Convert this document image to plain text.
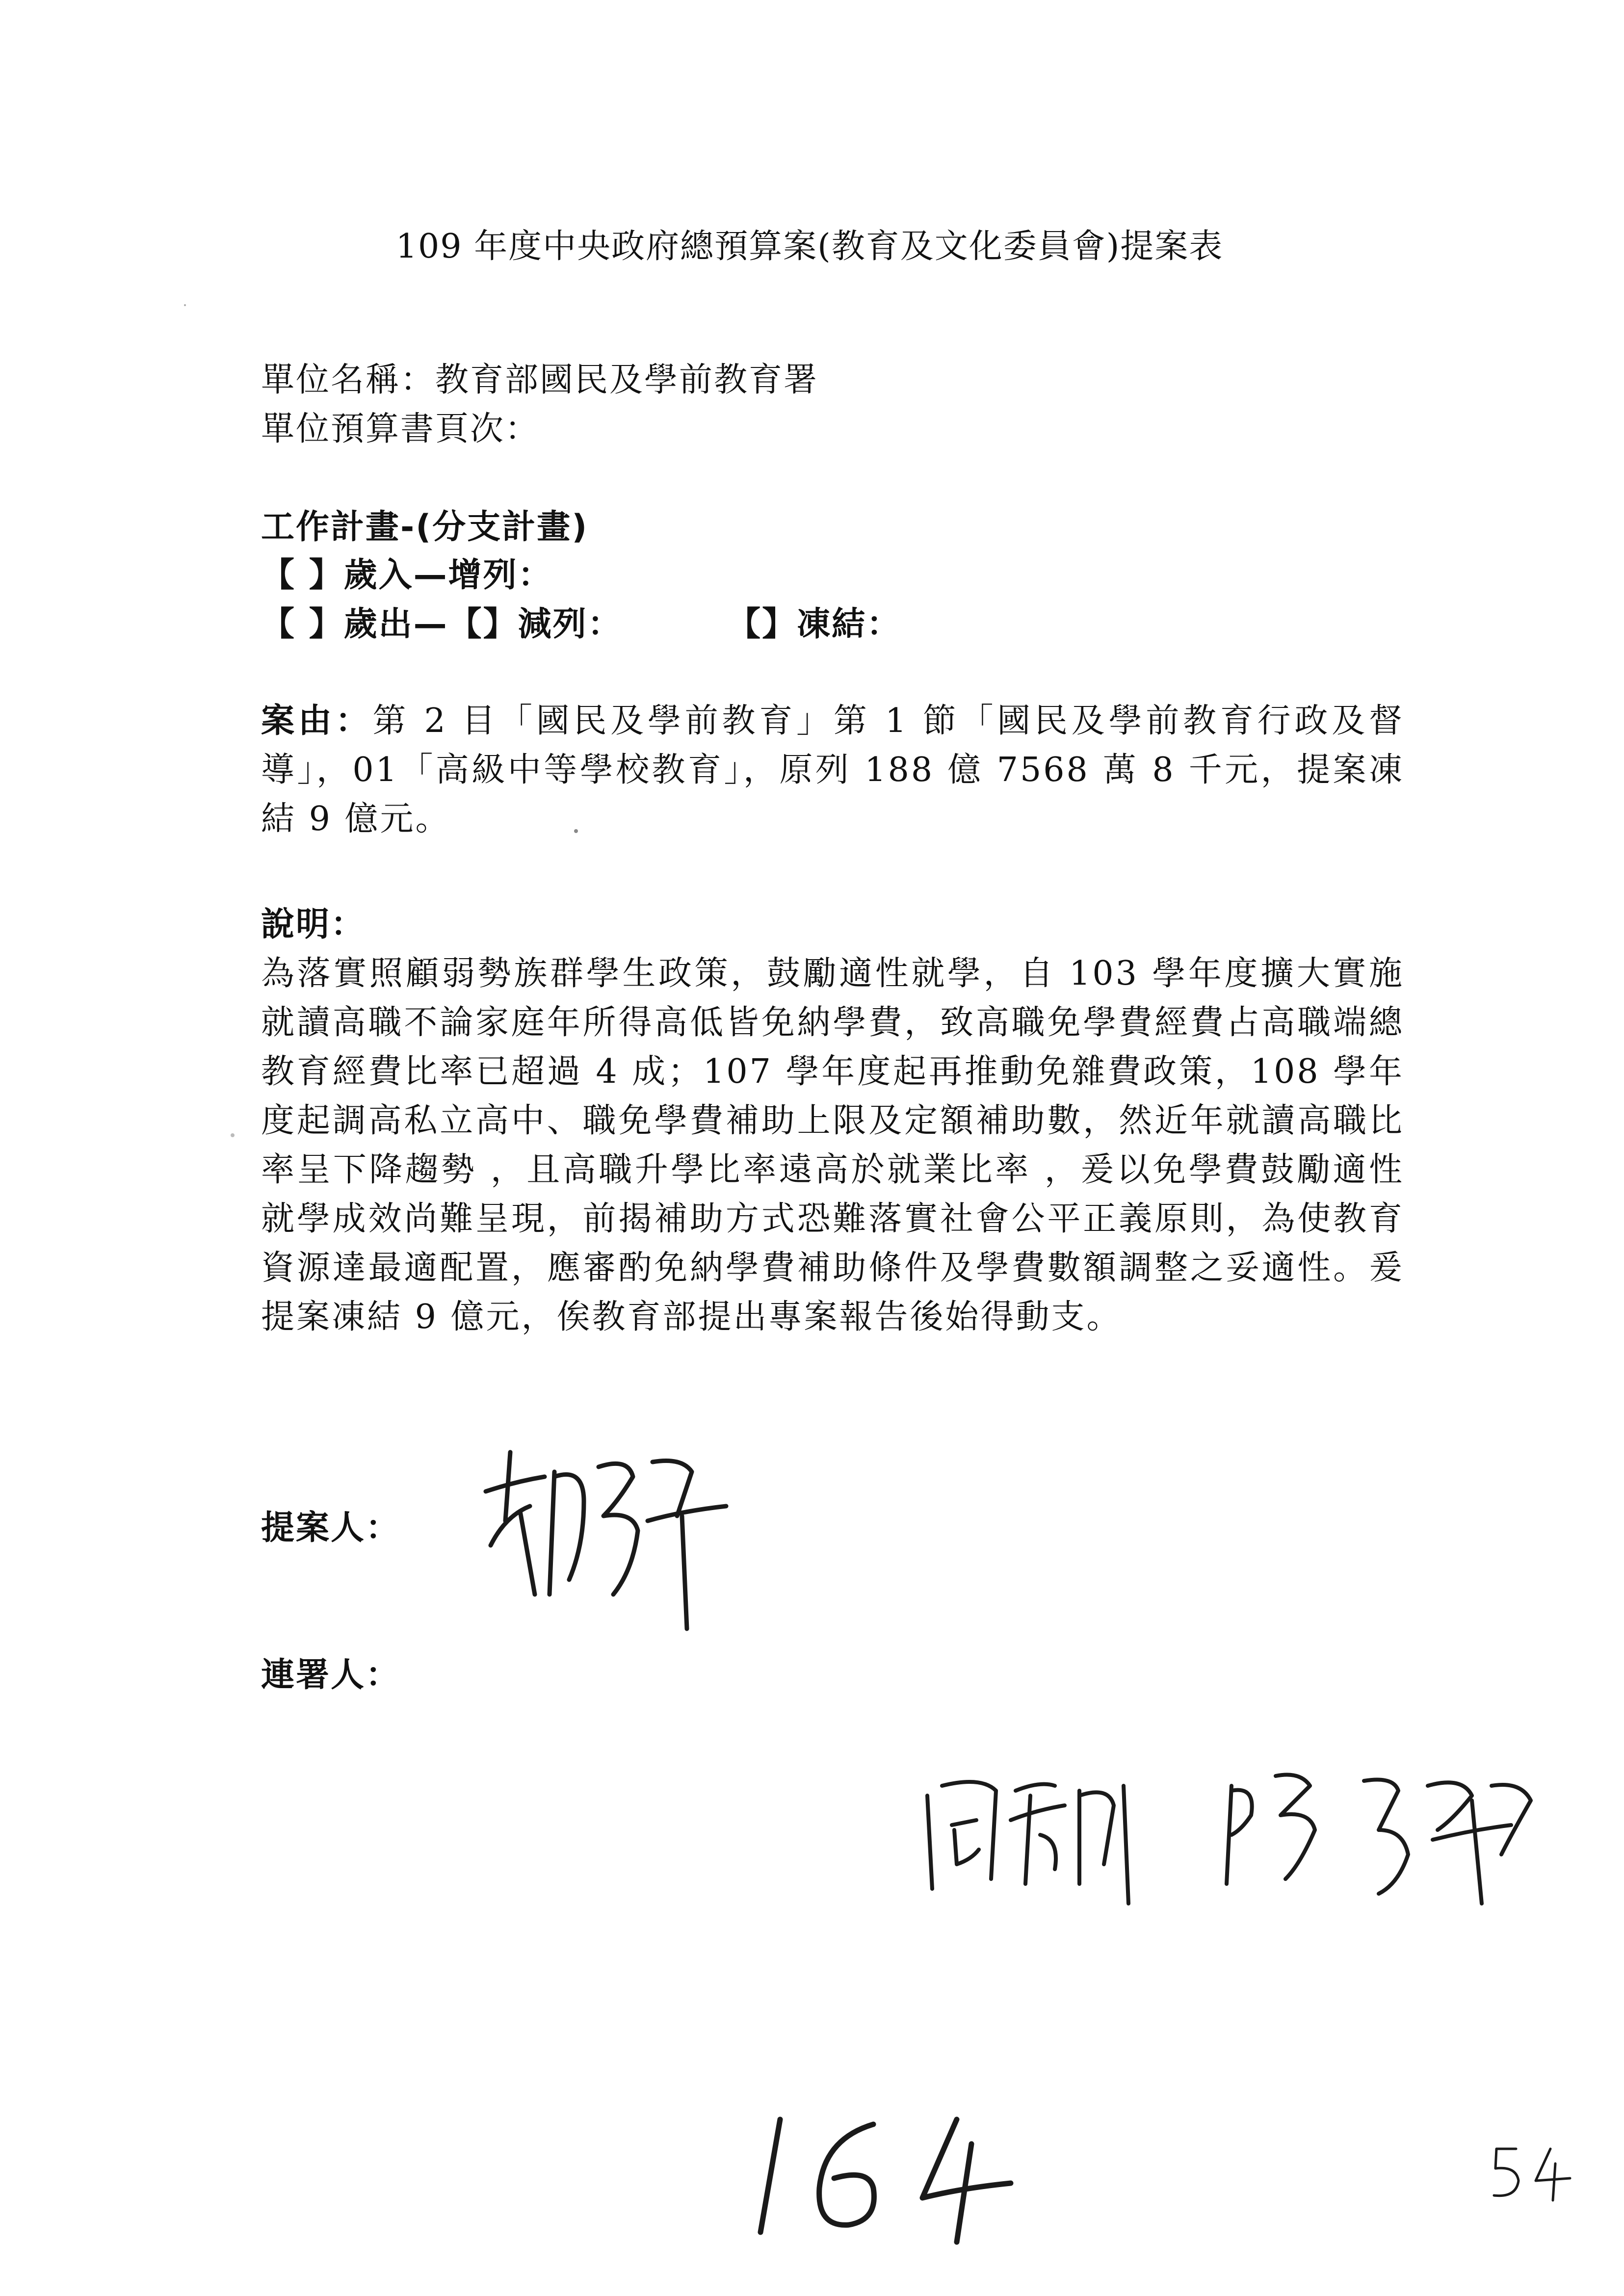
109 年度中央政府總預算案(教育及文化委員會)提案表
單位名稱：教育部國民及學前教育署
單位預算書頁次：
工作計畫-(分支計畫)
【 】歲入—增列：
【 】歲出—【】減列：	【】凍結：
案由：第 2 目「國民及學前教育」第 1 節「國民及學前教育行政及督導」，01「高級中等學校教育」，原列 188 億 7568 萬 8 千元，提案凍結 9 億元。
說明：
為落實照顧弱勢族群學生政策，鼓勵適性就學，自 103 學年度擴大實施就讀高職不論家庭年所得高低皆免納學費，致高職免學費經費占高職端總教育經費比率已超過 4 成；107 學年度起再推動免雜費政策，108 學年度起調高私立高中、職免學費補助上限及定額補助數，然近年就讀高職比率呈下降趨勢 ，且高職升學比率遠高於就業比率 ，爰以免學費鼓勵適性就學成效尚難呈現，前揭補助方式恐難落實社會公平正義原則，為使教育資源達最適配置，應審酌免納學費補助條件及學費數額調整之妥適性。爰提案凍結 9 億元，俟教育部提出專案報告後始得動支。
提案人：
連署人：
